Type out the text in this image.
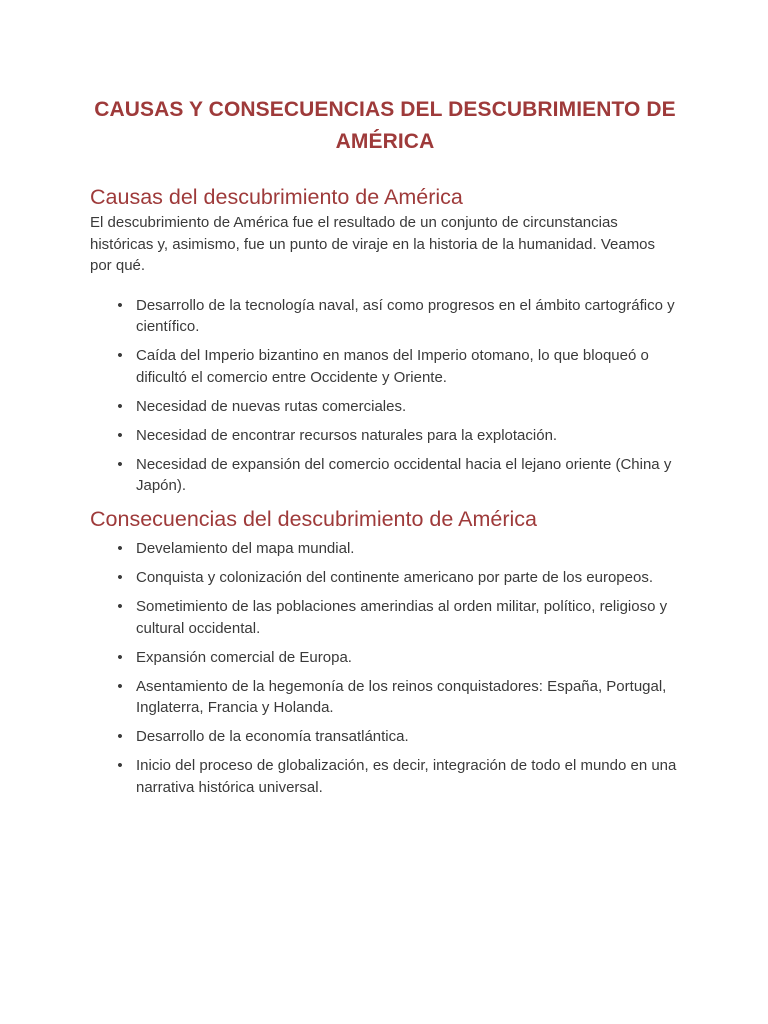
CAUSAS Y CONSECUENCIAS DEL DESCUBRIMIENTO DE AMÉRICA
Causas del descubrimiento de América

El descubrimiento de América fue el resultado de un conjunto de circunstancias históricas y, asimismo, fue un punto de viraje en la historia de la humanidad. Veamos por qué.

• Desarrollo de la tecnología naval, así como progresos en el ámbito cartográfico y científico.
• Caída del Imperio bizantino en manos del Imperio otomano, lo que bloqueó o dificultó el comercio entre Occidente y Oriente.
• Necesidad de nuevas rutas comerciales.
• Necesidad de encontrar recursos naturales para la explotación.
• Necesidad de expansión del comercio occidental hacia el lejano oriente (China y Japón).
Consecuencias del descubrimiento de América
• Develamiento del mapa mundial.
• Conquista y colonización del continente americano por parte de los europeos.
• Sometimiento de las poblaciones amerindias al orden militar, político, religioso y cultural occidental.
• Expansión comercial de Europa.
• Asentamiento de la hegemonía de los reinos conquistadores: España, Portugal, Inglaterra, Francia y Holanda.
• Desarrollo de la economía transatlántica.
• Inicio del proceso de globalización, es decir, integración de todo el mundo en una narrativa histórica universal.
